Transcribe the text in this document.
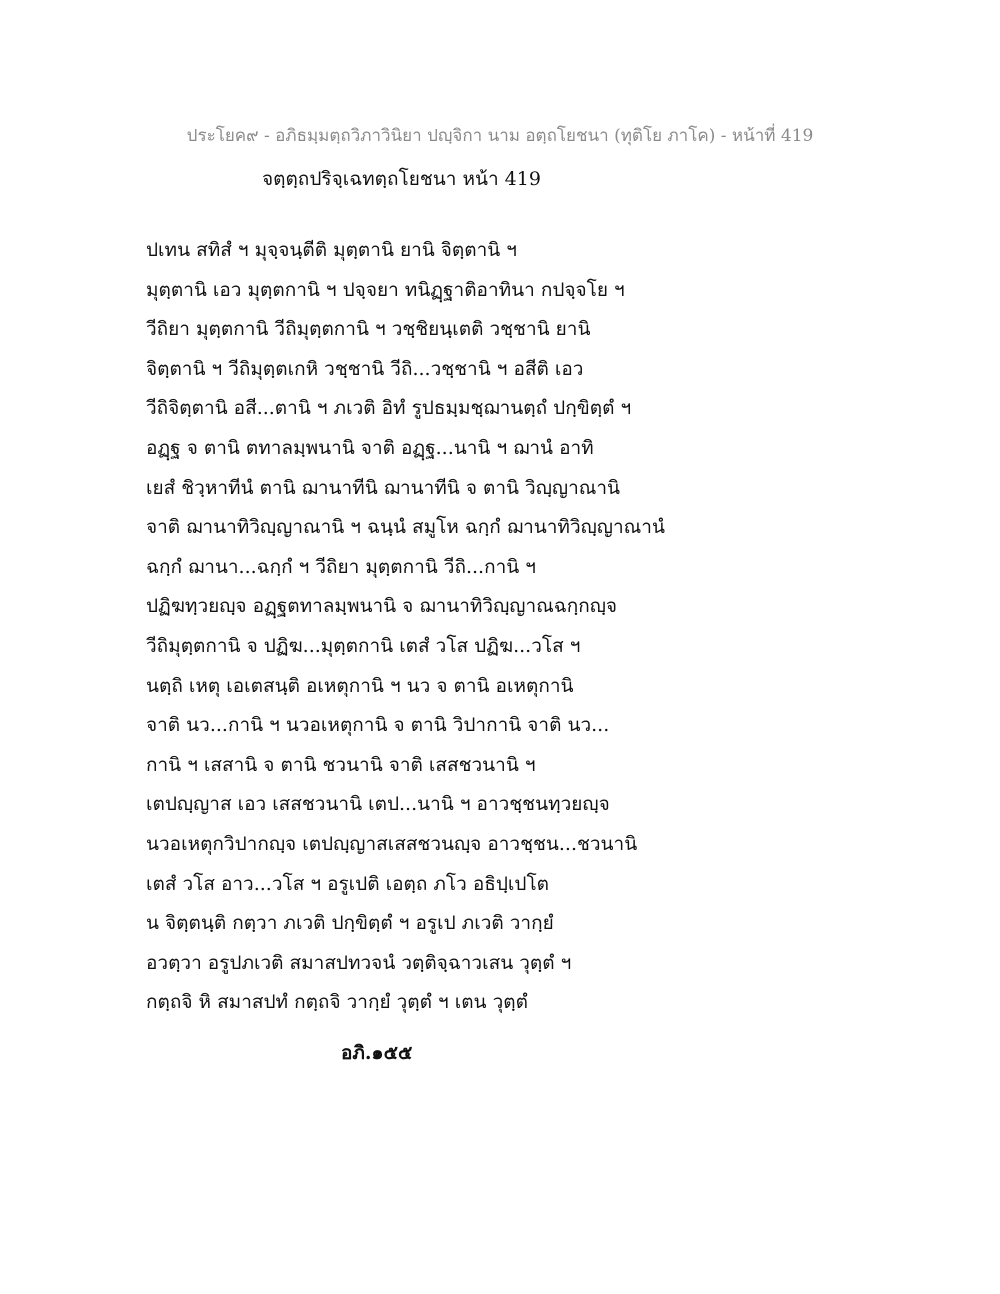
ประโยค๙ - อภิธมฺมตฺถวิภาวินิยา ปญฺจิกา นาม อตฺถโยชนา (ทุติโย ภาโค) - หน้าที่ 419
จตฺตฺถปริจฺเฉทตฺถโยชนา หน้า 419
ปเทน สทิสํ ฯ มุจฺจนฺตีติ มุตฺตานิ ยานิ จิตฺตานิ ฯ
มุตฺตานิ เอว มุตฺตกานิ ฯ ปจฺจยา ทนิฏฺฐาติอาทินา กปจฺจโย ฯ
วีถิยา มุตฺตกานิ วีถิมุตฺตกานิ ฯ วชฺชิยนฺเตติ วชฺชานิ ยานิ
จิตฺตานิ ฯ วีถิมุตฺตเกหิ วชฺชานิ วีถิ...วชฺชานิ ฯ อสีติ เอว
วีถิจิตฺตานิ อสี...ตานิ ฯ ภเวติ อิทํ รูปธมฺมชฺฌานตฺถํ ปกฺขิตฺตํ ฯ
อฏฺฐ จ ตานิ ตทาลมฺพนานิ จาติ อฏฺฐ...นานิ ฯ ฌานํ อาทิ
เยสํ ชิวฺหาทีนํ ตานิ ฌานาทีนิ ฌานาทีนิ จ ตานิ วิญฺญาณานิ
จาติ ฌานาทิวิญฺญาณานิ ฯ ฉนฺนํ สมูโห ฉกฺกํ ฌานาทิวิญฺญาณานํ
ฉกฺกํ ฌานา...ฉกฺกํ ฯ วีถิยา มุตฺตกานิ วีถิ...กานิ ฯ
ปฏิฆทฺวยญฺจ อฏฺฐตทาลมฺพนานิ จ ฌานาทิวิญฺญาณฉกฺกญฺจ
วีถิมุตฺตกานิ จ ปฏิฆ...มุตฺตกานิ เตสํ วโส ปฏิฆ...วโส ฯ
นตฺถิ เหตุ เอเตสนฺติ อเหตุกานิ ฯ นว จ ตานิ อเหตุกานิ
จาติ นว...กานิ ฯ นวอเหตุกานิ จ ตานิ วิปากานิ จาติ นว...
กานิ ฯ เสสานิ จ ตานิ ชวนานิ จาติ เสสชวนานิ ฯ
เตปญฺญาส เอว เสสชวนานิ เตป...นานิ ฯ อาวชฺชนทฺวยญฺจ
นวอเหตุกวิปากญฺจ เตปญฺญาสเสสชวนญฺจ อาวชฺชน...ชวนานิ
เตสํ วโส อาว...วโส ฯ อรูเปติ เอตฺถ ภโว อธิปฺเปโต
น จิตฺตนฺติ กตฺวา ภเวติ ปกฺขิตฺตํ ฯ อรูเป ภเวติ วากฺยํ
อวตฺวา อรูปภเวติ สมาสปทวจนํ วตฺติจฺฉาวเสน วุตฺตํ ฯ
กตฺถจิ หิ สมาสปทํ กตฺถจิ วากฺยํ วุตฺตํ ฯ เตน วุตฺตํ
อภิ.๑๕๕
